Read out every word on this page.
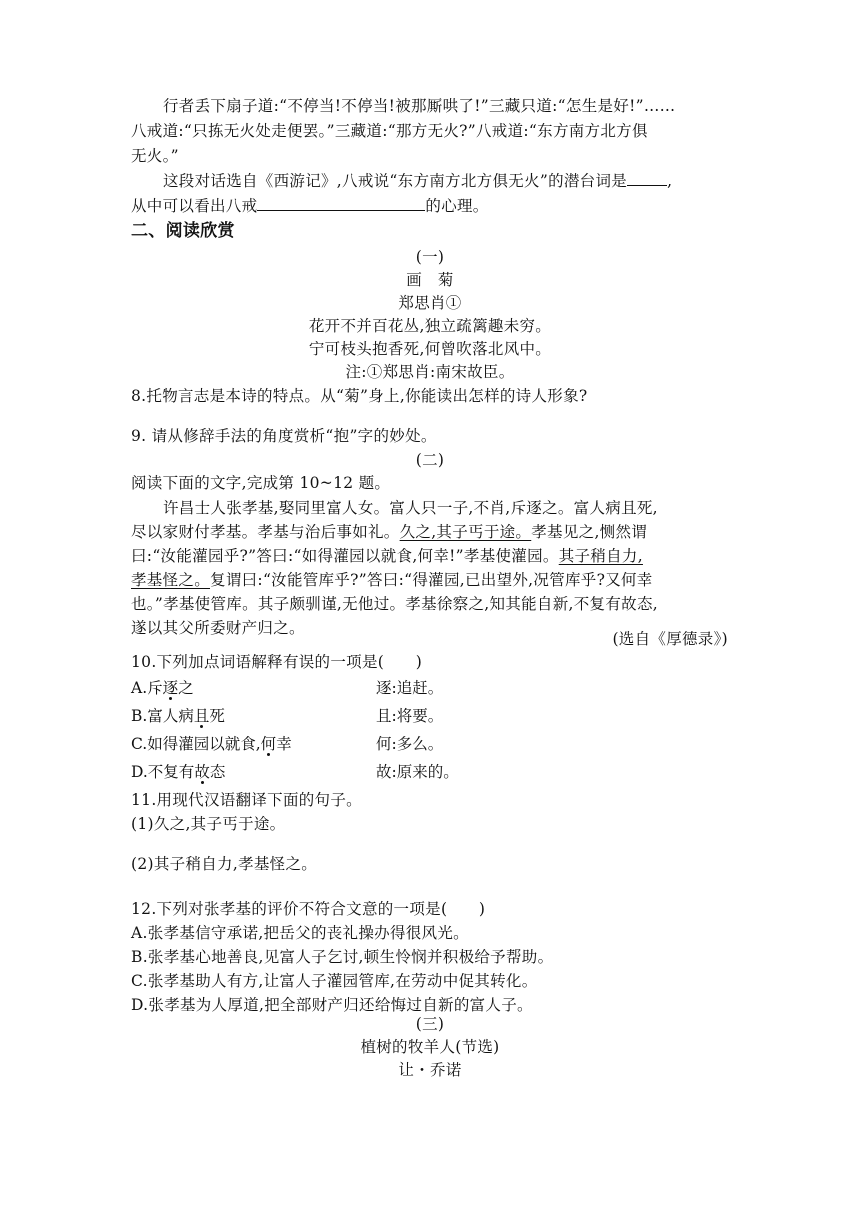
行者丢下扇子道:“不停当!不停当!被那厮哄了!”三藏只道:“怎生是好!”……
八戒道:“只拣无火处走便罢。”三藏道:“那方无火?”八戒道:“东方南方北方俱
无火。”
这段对话选自《西游记》,八戒说“东方南方北方俱无火”的潜台词是	,
从中可以看出八戒	的心理。
二、阅读欣赏
(一)
画　菊
郑思肖①
花开不并百花丛,独立疏篱趣未穷。
宁可枝头抱香死,何曾吹落北风中。
注:①郑思肖:南宋故臣。
8.托物言志是本诗的特点。从“菊”身上,你能读出怎样的诗人形象?
9. 请从修辞手法的角度赏析“抱”字的妙处。
(二)
阅读下面的文字,完成第 10~12 题。
许昌士人张孝基,娶同里富人女。富人只一子,不肖,斥逐之。富人病且死,
尽以家财付孝基。孝基与治后事如礼。久之,其子丐于途。孝基见之,恻然谓
曰:“汝能灌园乎?”答曰:“如得灌园以就食,何幸!”孝基使灌园。其子稍自力,
孝基怪之。复谓曰:“汝能管库乎?”答曰:“得灌园,已出望外,况管库乎?又何幸
也。”孝基使管库。其子颇驯谨,无他过。孝基徐察之,知其能自新,不复有故态,
遂以其父所委财产归之。
(选自《厚德录》)
10.下列加点词语解释有误的一项是(　　)
A.斥逐之	逐:追赶。
B.富人病且死	且:将要。
C.如得灌园以就食,何幸	何:多么。
D.不复有故态	故:原来的。
11.用现代汉语翻译下面的句子。
(1)久之,其子丐于途。
(2)其子稍自力,孝基怪之。
12.下列对张孝基的评价不符合文意的一项是(　　)
A.张孝基信守承诺,把岳父的丧礼操办得很风光。
B.张孝基心地善良,见富人子乞讨,顿生怜悯并积极给予帮助。
C.张孝基助人有方,让富人子灌园管库,在劳动中促其转化。
D.张孝基为人厚道,把全部财产归还给悔过自新的富人子。
(三)
植树的牧羊人(节选)
让・乔诺
